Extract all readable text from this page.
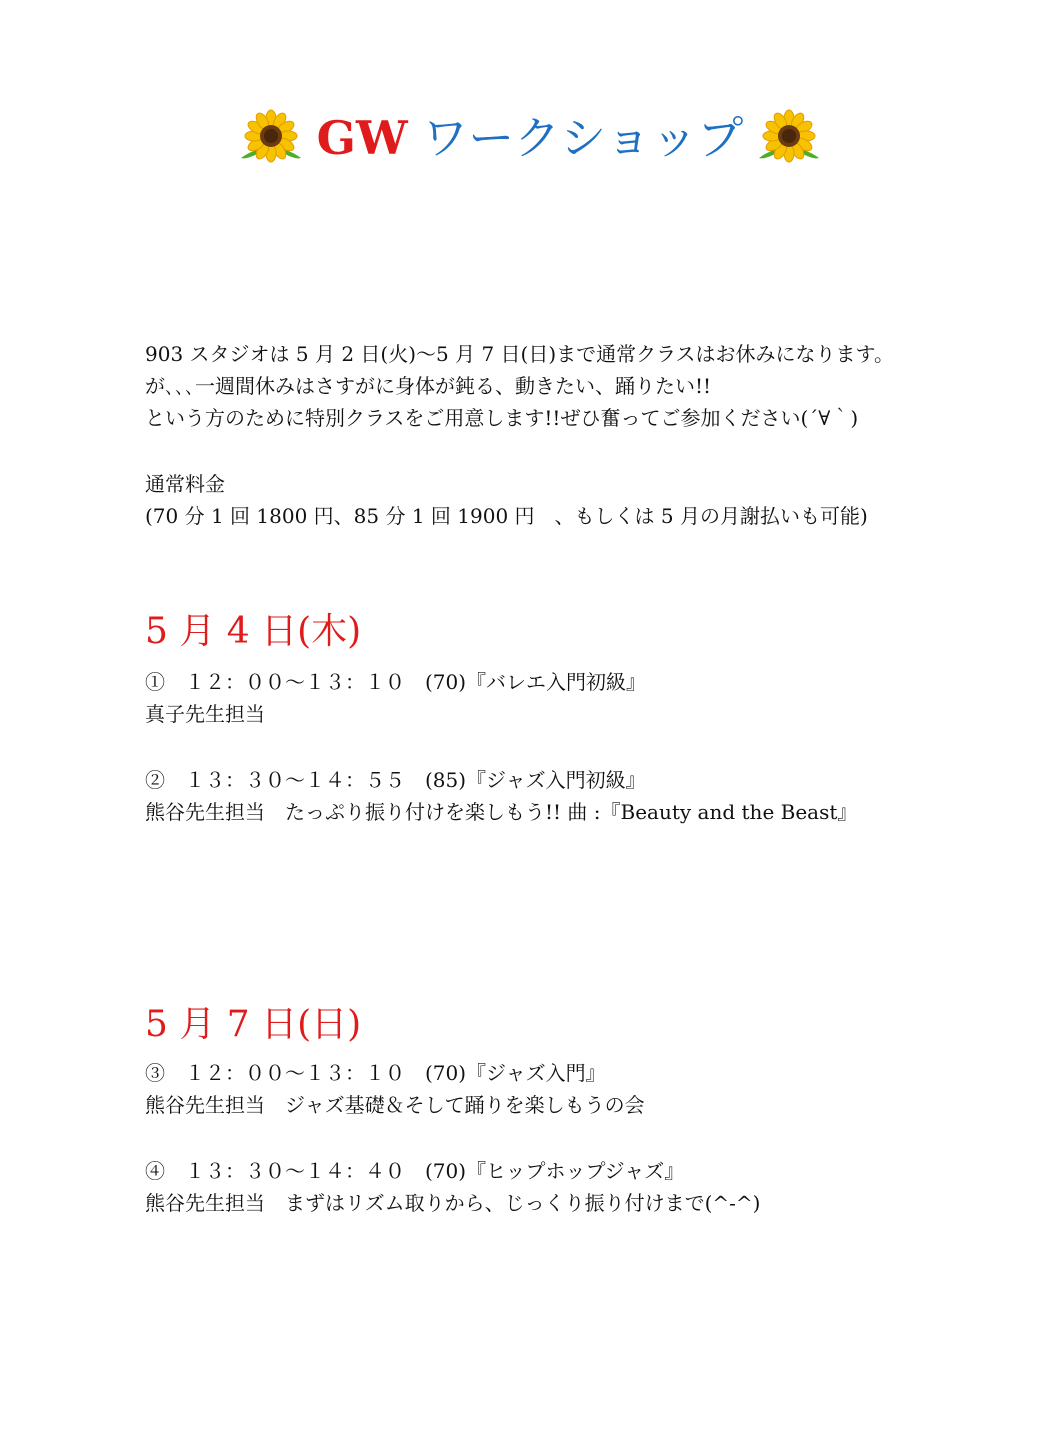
GW ワークショップ
903 スタジオは 5 月 2 日(火)～5 月 7 日(日)まで通常クラスはお休みになります。
が､､､一週間休みはさすがに身体が鈍る、動きたい、踊りたい!!
という方のために特別クラスをご用意します!!ぜひ奮ってご参加ください(´∀｀)
通常料金
(70 分 1 回 1800 円、85 分 1 回 1900 円　、もしくは 5 月の月謝払いも可能)
5 月 4 日(木)
①　１２：００～１３：１０　(70)『バレエ入門初級』
真子先生担当
②　１３：３０～１４：５５　(85)『ジャズ入門初級』
熊谷先生担当　たっぷり振り付けを楽しもう!! 曲 :『Beauty and the Beast』
5 月 7 日(日)
③　１２：００～１３：１０　(70)『ジャズ入門』
熊谷先生担当　ジャズ基礎＆そして踊りを楽しもうの会
④　１３：３０～１４：４０　(70)『ヒップホップジャズ』
熊谷先生担当　まずはリズム取りから、じっくり振り付けまで(^-^)
